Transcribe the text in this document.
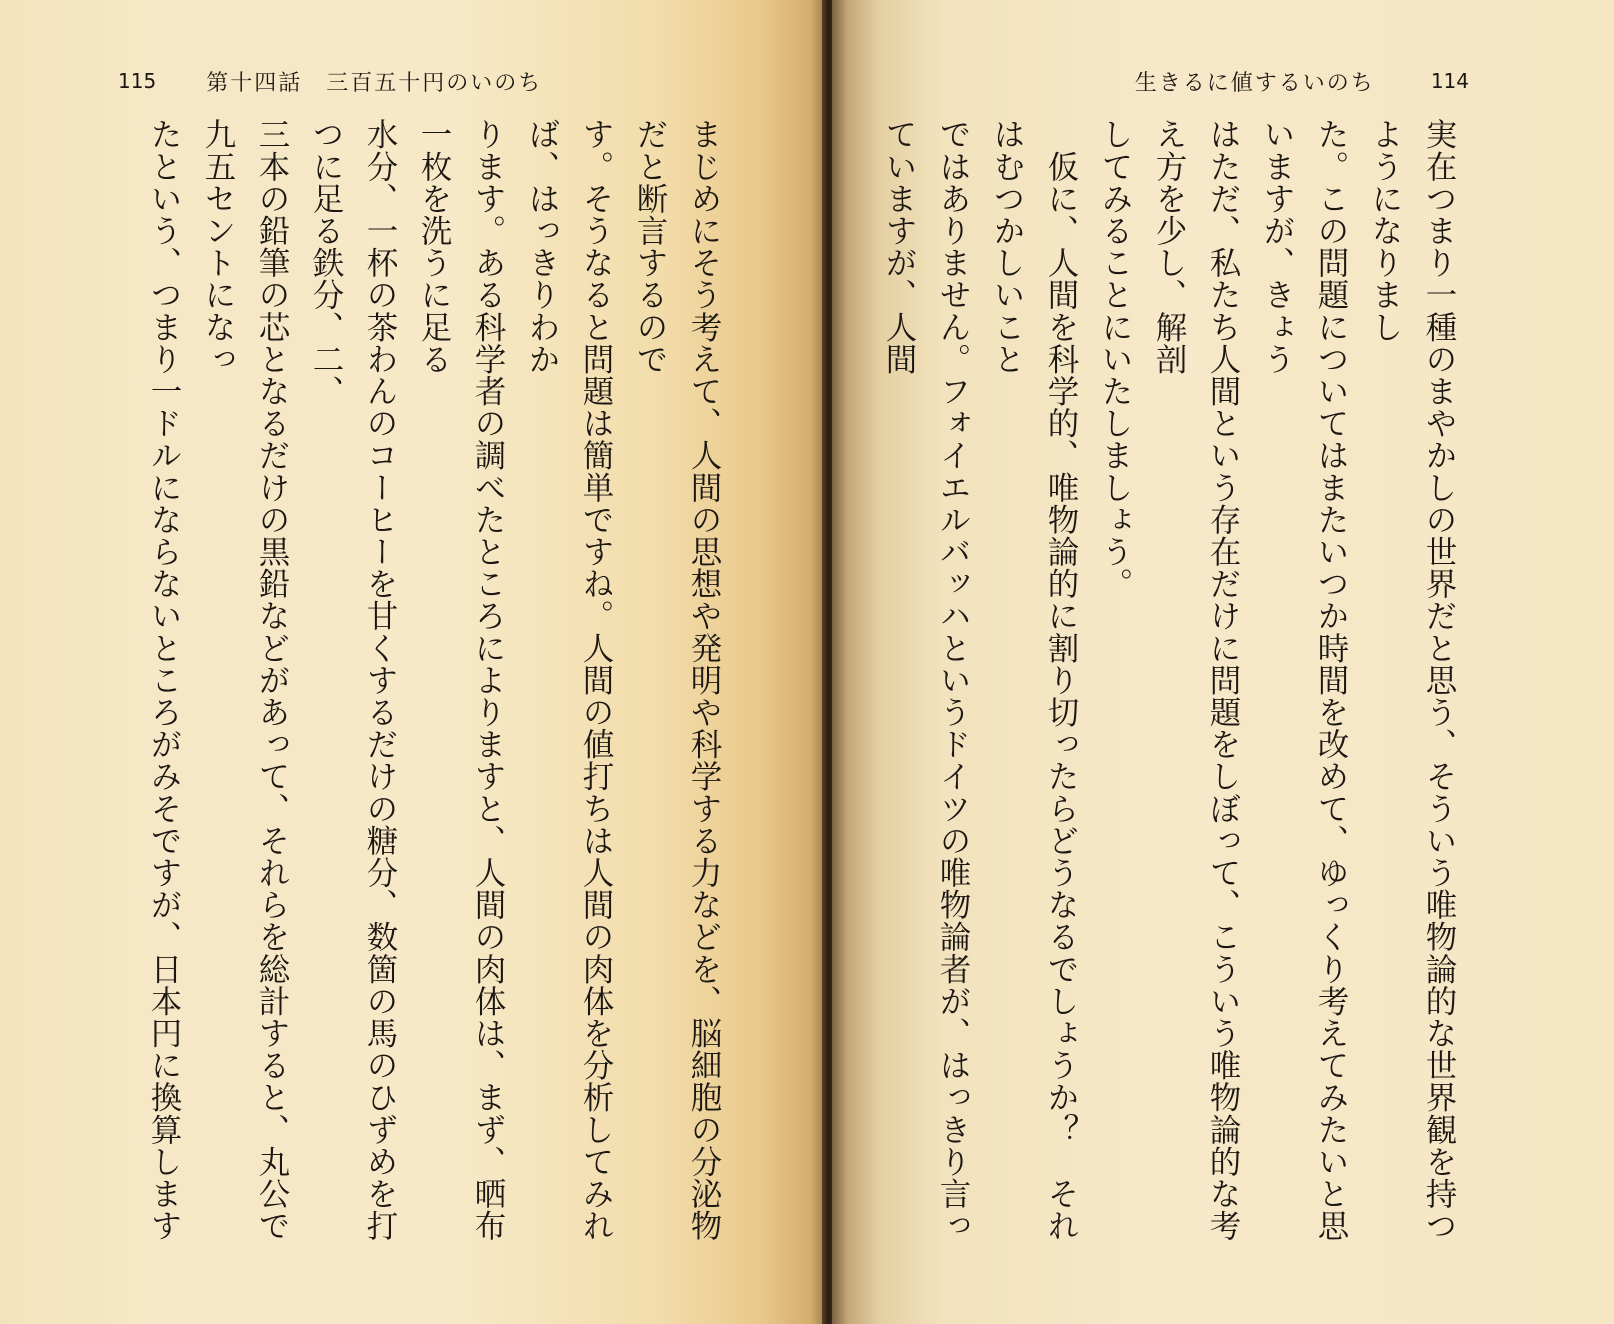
115 第十四話　三百五十円のいのち
まじめにそう考えて、人間の思想や発明や科学する力などを、脳細胞の分泌物だと断言するので
す。そうなると問題は簡単ですね。人間の値打ちは人間の肉体を分析してみれば、はっきりわか
ります。ある科学者の調べたところによりますと、人間の肉体は、まず、晒布一枚を洗うに足る
水分、一杯の茶わんのコーヒーを甘くするだけの糖分、数箇の馬のひずめを打つに足る鉄分、二、
三本の鉛筆の芯となるだけの黒鉛などがあって、それらを総計すると、丸公で九五セントになっ
たという、つまり一ドルにならないところがみそですが、日本円に換算します
生きるに値するいのち	114
実在つまり一種のまやかしの世界だと思う、そういう唯物論的な世界観を持つようになりまし
た。この問題についてはまたいつか時間を改めて、ゆっくり考えてみたいと思いますが、きょう
はただ、私たち人間という存在だけに問題をしぼって、こういう唯物論的な考え方を少し、解剖
してみることにいたしましょう。
　仮に、人間を科学的、唯物論的に割り切ったらどうなるでしょうか？　それはむつかしいこと
ではありません。フォイエルバッハというドイツの唯物論者が、はっきり言っていますが、人間
